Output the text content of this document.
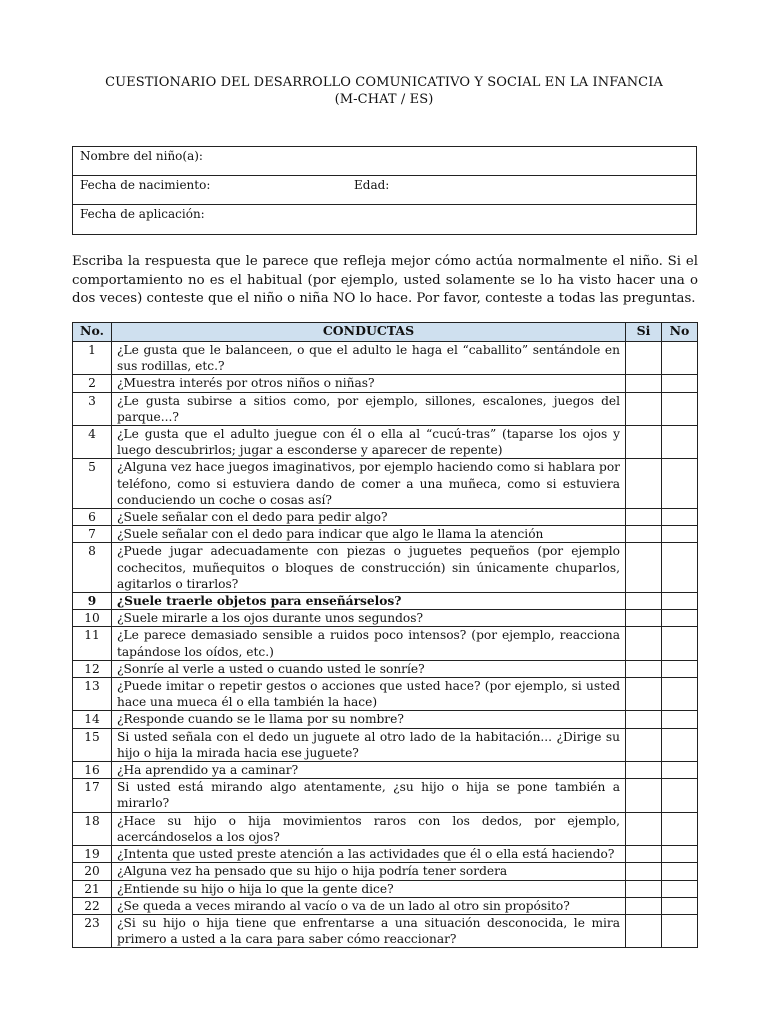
CUESTIONARIO DEL DESARROLLO COMUNICATIVO Y SOCIAL EN LA INFANCIA
(M-CHAT / ES)
Nombre del niño(a):
Fecha de nacimiento:	Edad:
Fecha de aplicación:
Escriba la respuesta que le parece que refleja mejor cómo actúa normalmente el niño. Si el comportamiento no es el habitual (por ejemplo, usted solamente se lo ha visto hacer una o dos veces) conteste que el niño o niña NO lo hace. Por favor, conteste a todas las preguntas.
No.	CONDUCTAS	Si	No
1	¿Le gusta que le balanceen, o que el adulto le haga el “caballito” sentándole en sus rodillas, etc.?		
2	¿Muestra interés por otros niños o niñas?		
3	¿Le gusta subirse a sitios como, por ejemplo, sillones, escalones, juegos del parque...?		
4	¿Le gusta que el adulto juegue con él o ella al “cucú-tras” (taparse los ojos y luego descubrirlos; jugar a esconderse y aparecer de repente)		
5	¿Alguna vez hace juegos imaginativos, por ejemplo haciendo como si hablara por teléfono, como si estuviera dando de comer a una muñeca, como si estuviera conduciendo un coche o cosas así?		
6	¿Suele señalar con el dedo para pedir algo?		
7	¿Suele señalar con el dedo para indicar que algo le llama la atención		
8	¿Puede jugar adecuadamente con piezas o juguetes pequeños (por ejemplo cochecitos, muñequitos o bloques de construcción) sin únicamente chuparlos, agitarlos o tirarlos?		
9	¿Suele traerle objetos para enseñárselos?		
10	¿Suele mirarle a los ojos durante unos segundos?		
11	¿Le parece demasiado sensible a ruidos poco intensos? (por ejemplo, reacciona tapándose los oídos, etc.)		
12	¿Sonríe al verle a usted o cuando usted le sonríe?		
13	¿Puede imitar o repetir gestos o acciones que usted hace? (por ejemplo, si usted hace una mueca él o ella también la hace)		
14	¿Responde cuando se le llama por su nombre?		
15	Si usted señala con el dedo un juguete al otro lado de la habitación... ¿Dirige su hijo o hija la mirada hacia ese juguete?		
16	¿Ha aprendido ya a caminar?		
17	Si usted está mirando algo atentamente, ¿su hijo o hija se pone también a mirarlo?		
18	¿Hace su hijo o hija movimientos raros con los dedos, por ejemplo, acercándoselos a los ojos?		
19	¿Intenta que usted preste atención a las actividades que él o ella está haciendo?		
20	¿Alguna vez ha pensado que su hijo o hija podría tener sordera		
21	¿Entiende su hijo o hija lo que la gente dice?		
22	¿Se queda a veces mirando al vacío o va de un lado al otro sin propósito?		
23	¿Si su hijo o hija tiene que enfrentarse a una situación desconocida, le mira primero a usted a la cara para saber cómo reaccionar?		
